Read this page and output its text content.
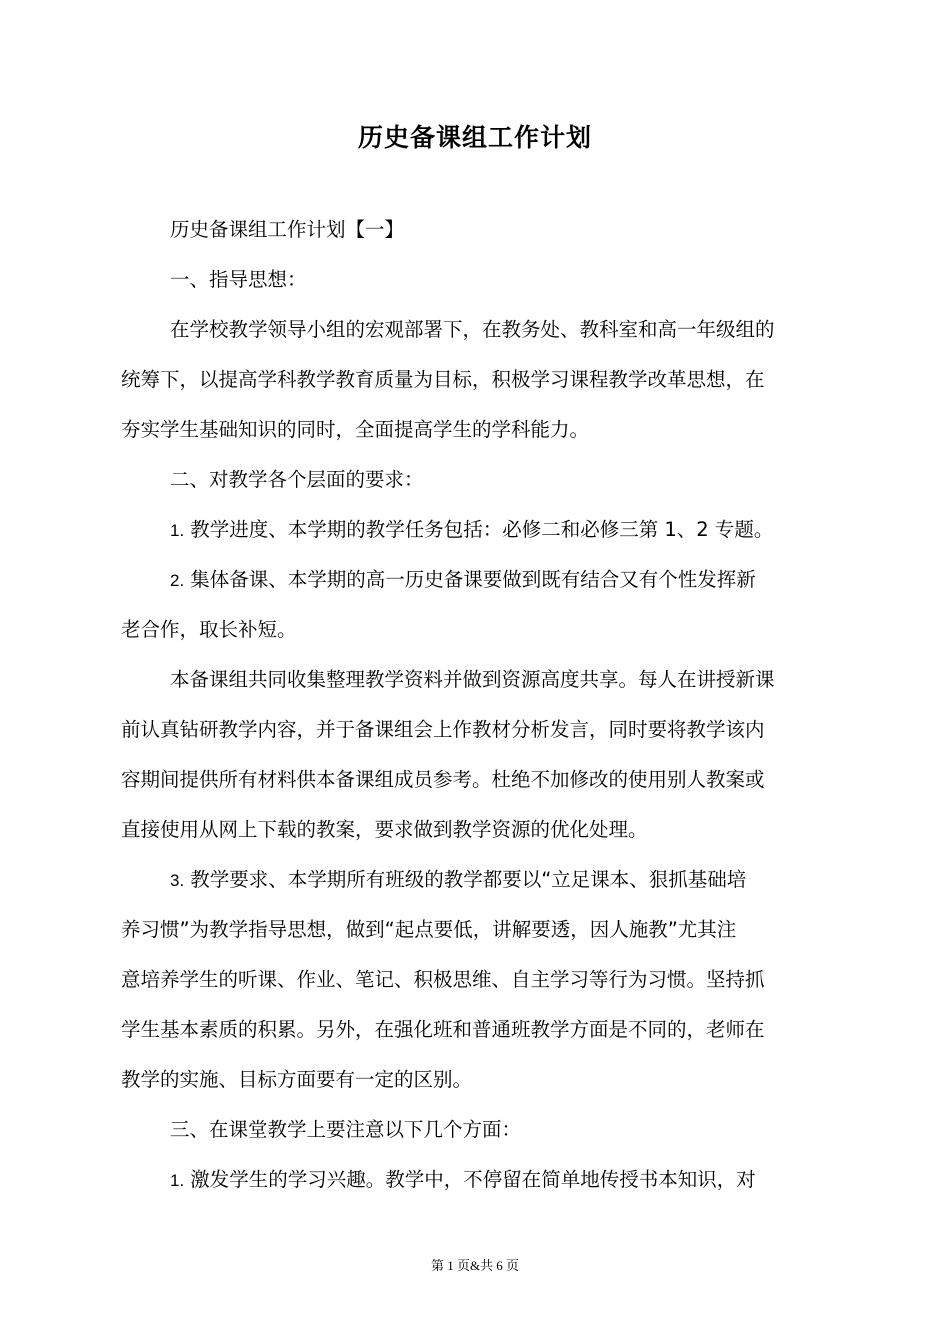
历史备课组工作计划
历史备课组工作计划【一】
一、指导思想：
在学校教学领导小组的宏观部署下，在教务处、教科室和高一年级组的
统筹下，以提高学科教学教育质量为目标，积极学习课程教学改革思想，在
夯实学生基础知识的同时，全面提高学生的学科能力。
二、对教学各个层面的要求：
1. 教学进度、本学期的教学任务包括：必修二和必修三第 1、2 专题。
2. 集体备课、本学期的高一历史备课要做到既有结合又有个性发挥新
老合作，取长补短。
本备课组共同收集整理教学资料并做到资源高度共享。每人在讲授新课
前认真钻研教学内容，并于备课组会上作教材分析发言，同时要将教学该内
容期间提供所有材料供本备课组成员参考。杜绝不加修改的使用别人教案或
直接使用从网上下载的教案，要求做到教学资源的优化处理。
3. 教学要求、本学期所有班级的教学都要以“立足课本、狠抓基础培
养习惯”为教学指导思想，做到“起点要低，讲解要透，因人施教”尤其注
意培养学生的听课、作业、笔记、积极思维、自主学习等行为习惯。坚持抓
学生基本素质的积累。另外，在强化班和普通班教学方面是不同的，老师在
教学的实施、目标方面要有一定的区别。
三、在课堂教学上要注意以下几个方面：
1. 激发学生的学习兴趣。教学中，不停留在简单地传授书本知识，对
第 1 页&共 6 页
